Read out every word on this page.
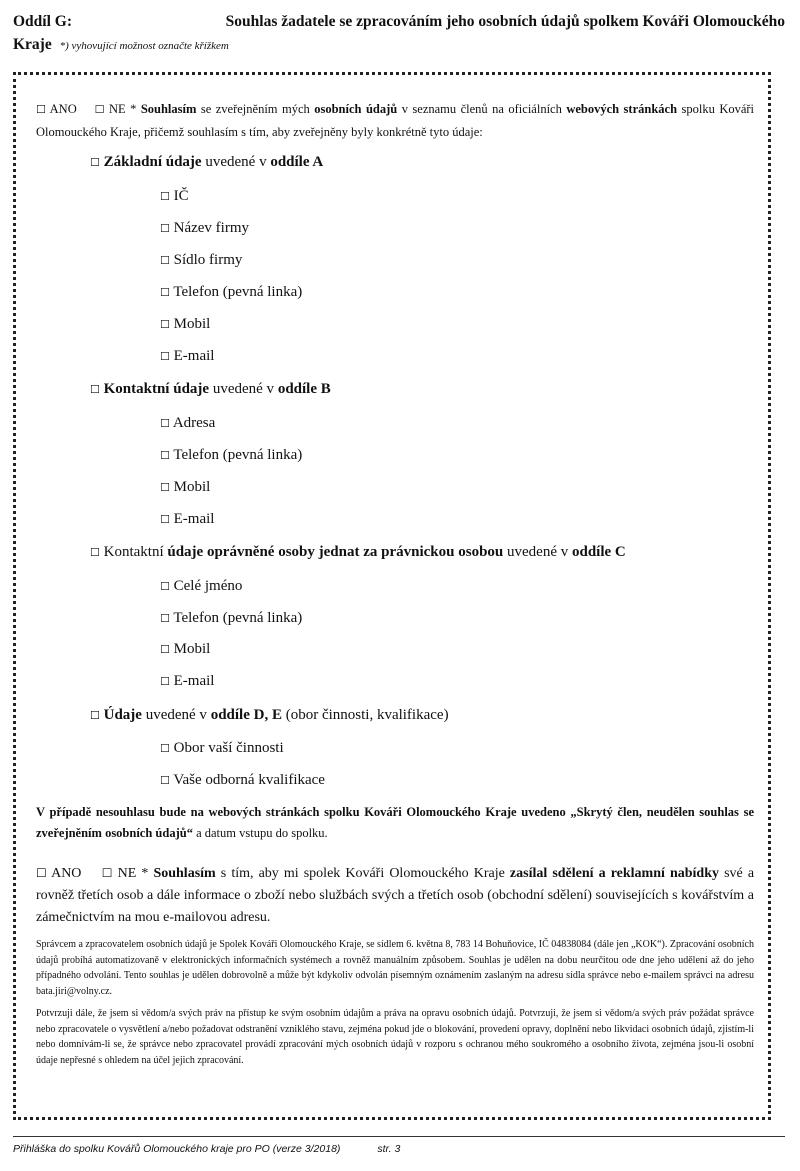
Oddíl G:	Souhlas žadatele se zpracováním jeho osobních údajů spolkem Kováři Olomouckého
Kraje *) vyhovující možnost označte křížkem
☐ ANO ☐ NE * Souhlasím se zveřejněním mých osobních údajů v seznamu členů na oficiálních webových stránkách spolku Kováři Olomouckého Kraje, přičemž souhlasím s tím, aby zveřejněny byly konkrétně tyto údaje:
☐ Základní údaje uvedené v oddíle A
☐ IČ
☐ Název firmy
☐ Sídlo firmy
☐ Telefon (pevná linka)
☐ Mobil
☐ E-mail
☐ Kontaktní údaje uvedené v oddíle B
☐ Adresa
☐ Telefon (pevná linka)
☐ Mobil
☐ E-mail
☐ Kontaktní údaje oprávněné osoby jednat za právnickou osobou uvedené v oddíle C
☐ Celé jméno
☐ Telefon (pevná linka)
☐ Mobil
☐ E-mail
☐ Údaje uvedené v oddíle D, E (obor činnosti, kvalifikace)
☐ Obor vaší činnosti
☐ Vaše odborná kvalifikace
V případě nesouhlasu bude na webových stránkách spolku Kováři Olomouckého Kraje uvedeno „Skrytý člen, neudělen souhlas se zveřejněním osobních údajů“ a datum vstupu do spolku.
☐ ANO ☐ NE * Souhlasím s tím, aby mi spolek Kováři Olomouckého Kraje zasílal sdělení a reklamní nabídky své a rovněž třetích osob a dále informace o zboží nebo službách svých a třetích osob (obchodní sdělení) souvisejících s kovářstvím a zámečnictvím na mou e-mailovou adresu.
Správcem a zpracovatelem osobních údajů je Spolek Kováři Olomouckého Kraje, se sídlem 6. května 8, 783 14 Bohuňovice, IČ 04838084 (dále jen „KOK“). Zpracování osobních údajů probíhá automatizovaně v elektronických informačních systémech a rovněž manuálním způsobem. Souhlas je udělen na dobu neurčitou ode dne jeho udělení až do jeho případného odvolání. Tento souhlas je udělen dobrovolně a může být kdykoliv odvolán písemným oznámením zaslaným na adresu sídla správce nebo e-mailem správci na adresu bata.jiri@volny.cz.
Potvrzuji dále, že jsem si vědom/a svých práv na přístup ke svým osobním údajům a práva na opravu osobních údajů. Potvrzuji, že jsem si vědom/a svých práv požádat správce nebo zpracovatele o vysvětlení a/nebo požadovat odstranění vzniklého stavu, zejména pokud jde o blokování, provedení opravy, doplnění nebo likvidaci osobních údajů, zjistím-li nebo domnívám-li se, že správce nebo zpracovatel provádí zpracování mých osobních údajů v rozporu s ochranou mého soukromého a osobního života, zejména jsou-li osobní údaje nepřesné s ohledem na účel jejich zpracování.
Přihláška do spolku Kovářů Olomouckého kraje pro PO (verze 3/2018)	str. 3
